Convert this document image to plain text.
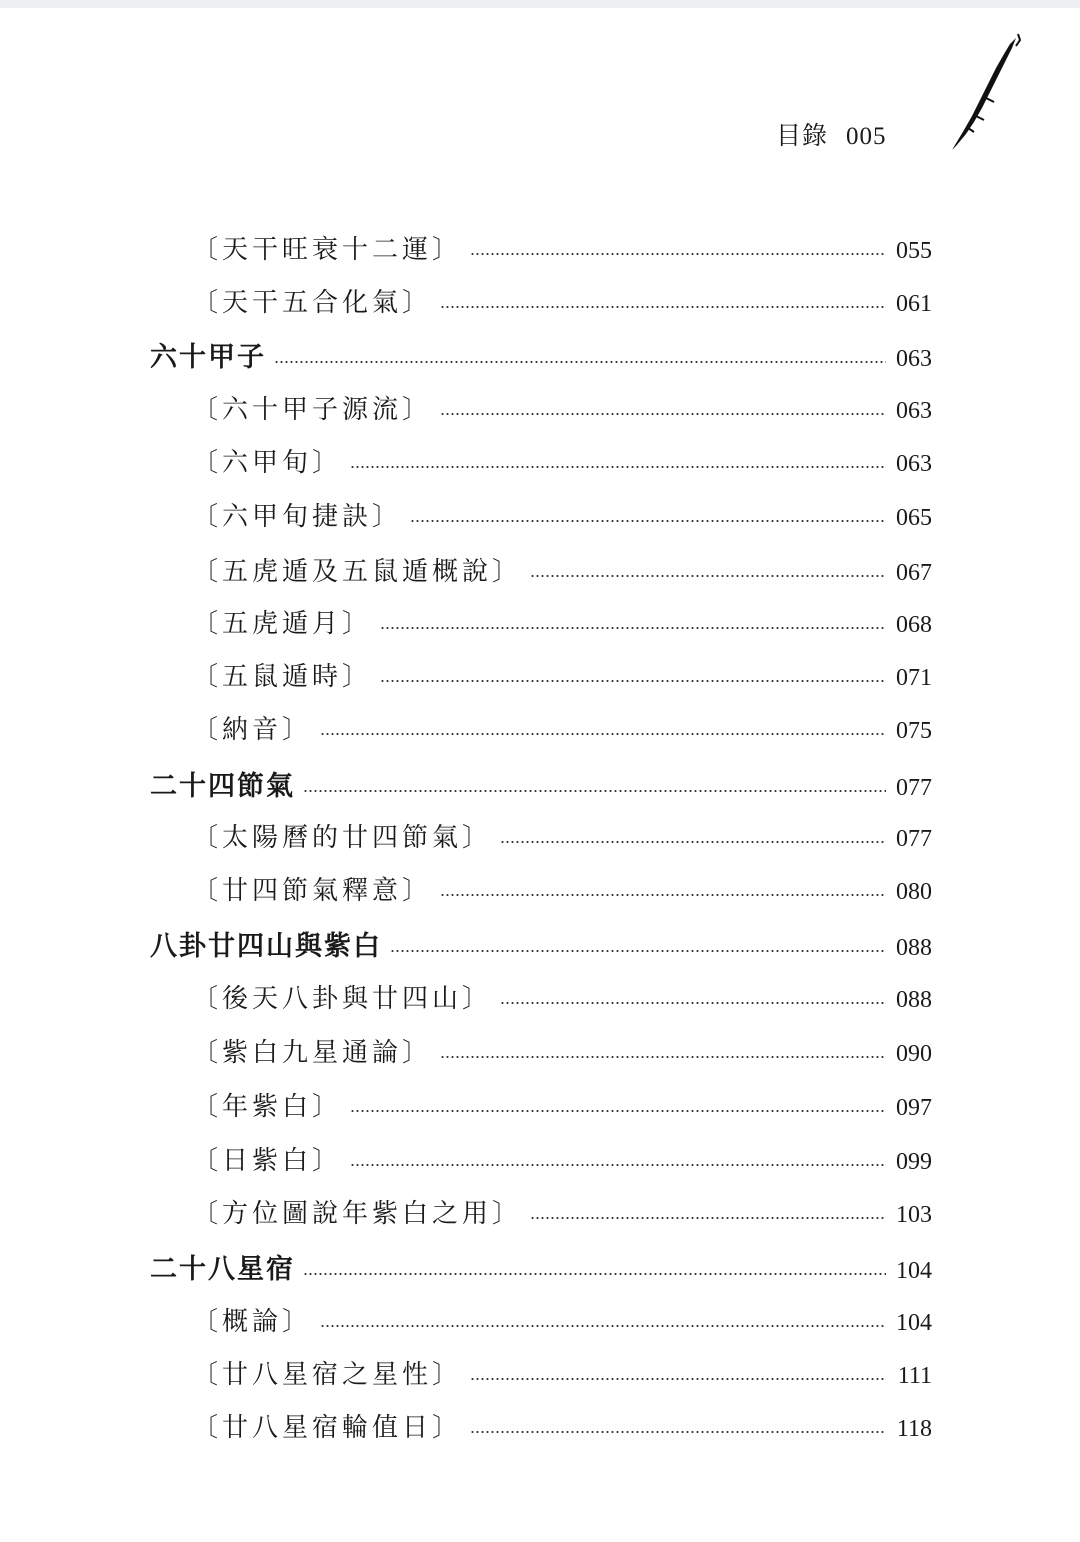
目錄 005
〔天干旺衰十二運〕	055
〔天干五合化氣〕	061
六十甲子	063
〔六十甲子源流〕	063
〔六甲旬〕	063
〔六甲旬捷訣〕	065
〔五虎遁及五鼠遁概說〕	067
〔五虎遁月〕	068
〔五鼠遁時〕	071
〔納音〕	075
二十四節氣	077
〔太陽曆的廿四節氣〕	077
〔廿四節氣釋意〕	080
八卦廿四山與紫白	088
〔後天八卦與廿四山〕	088
〔紫白九星通論〕	090
〔年紫白〕	097
〔日紫白〕	099
〔方位圖說年紫白之用〕	103
二十八星宿	104
〔概論〕	104
〔廿八星宿之星性〕	111
〔廿八星宿輪值日〕	118
